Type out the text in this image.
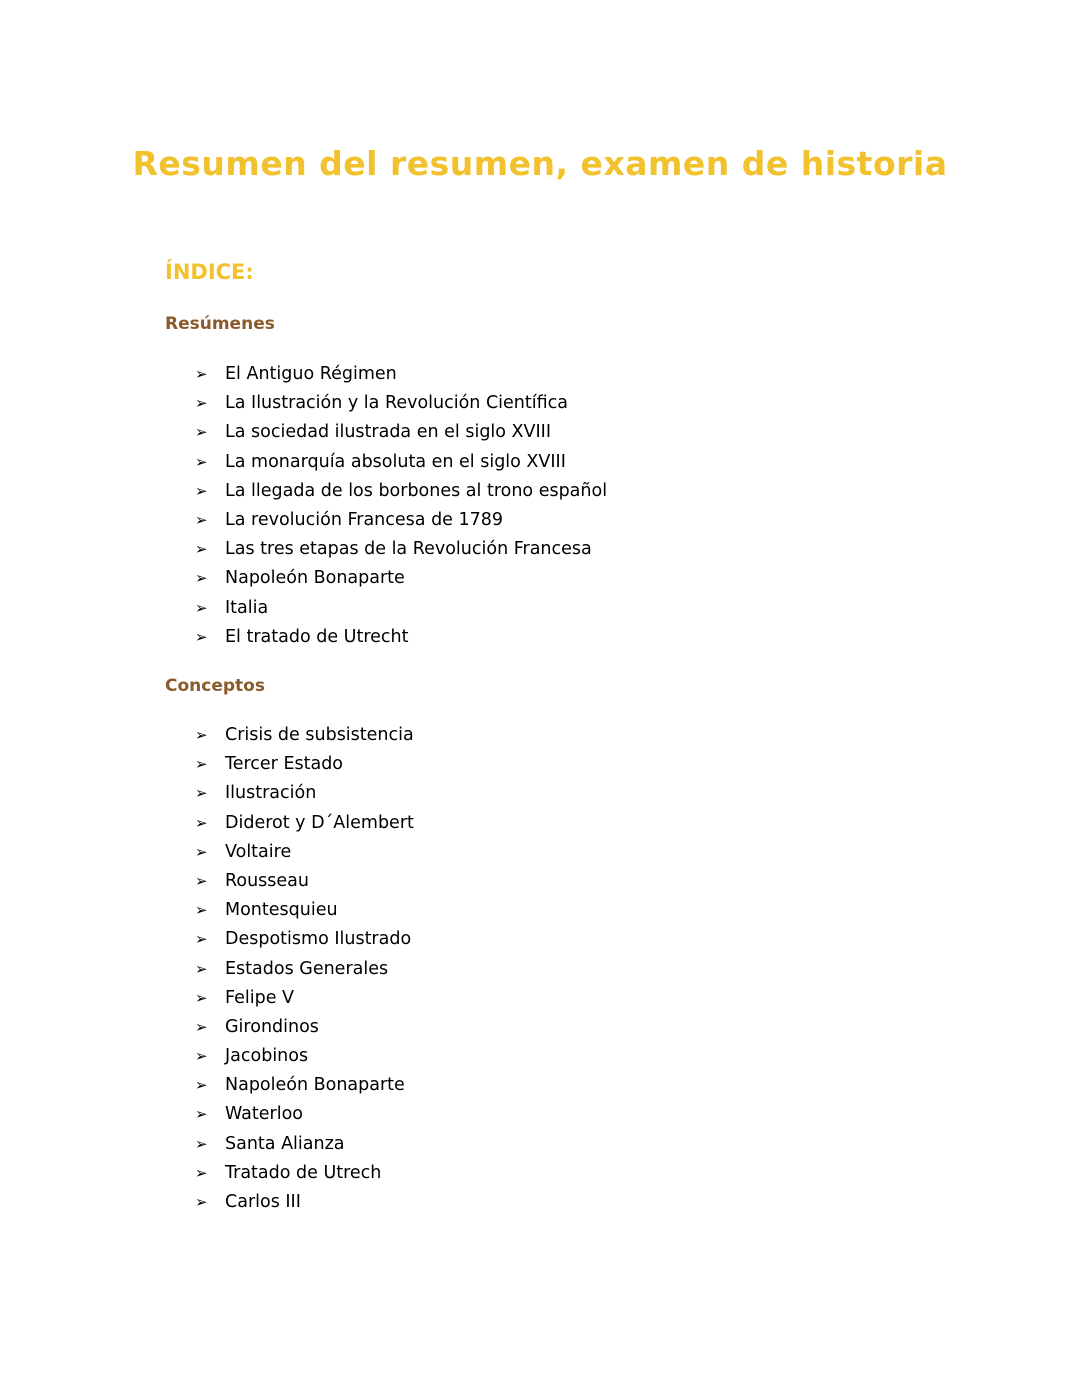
Resumen del resumen, examen de historia
ÍNDICE:
Resúmenes
➢ El Antiguo Régimen
➢ La Ilustración y la Revolución Científica
➢ La sociedad ilustrada en el siglo XVIII
➢ La monarquía absoluta en el siglo XVIII
➢ La llegada de los borbones al trono español
➢ La revolución Francesa de 1789
➢ Las tres etapas de la Revolución Francesa
➢ Napoleón Bonaparte
➢ Italia
➢ El tratado de Utrecht
Conceptos
➢ Crisis de subsistencia
➢ Tercer Estado
➢ Ilustración
➢ Diderot y D´Alembert
➢ Voltaire
➢ Rousseau
➢ Montesquieu
➢ Despotismo Ilustrado
➢ Estados Generales
➢ Felipe V
➢ Girondinos
➢ Jacobinos
➢ Napoleón Bonaparte
➢ Waterloo
➢ Santa Alianza
➢ Tratado de Utrech
➢ Carlos III
